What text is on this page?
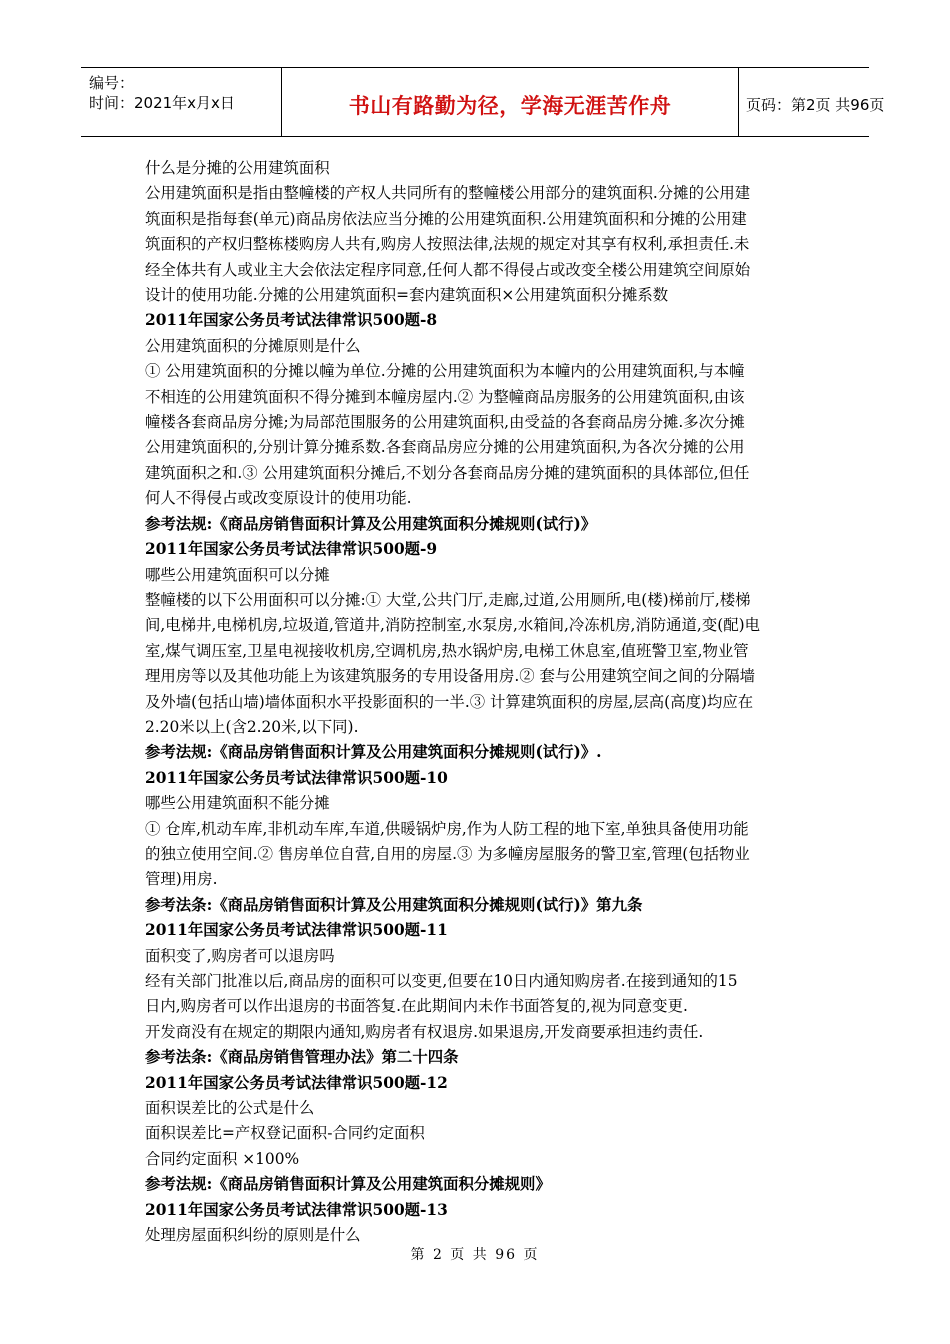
编号：
时间：2021年x月x日	书山有路勤为径，学海无涯苦作舟	页码：第2页 共96页
什么是分摊的公用建筑面积
公用建筑面积是指由整幢楼的产权人共同所有的整幢楼公用部分的建筑面积.分摊的公用建
筑面积是指每套(单元)商品房依法应当分摊的公用建筑面积.公用建筑面积和分摊的公用建
筑面积的产权归整栋楼购房人共有,购房人按照法律,法规的规定对其享有权利,承担责任.未
经全体共有人或业主大会依法定程序同意,任何人都不得侵占或改变全楼公用建筑空间原始
设计的使用功能.分摊的公用建筑面积=套内建筑面积×公用建筑面积分摊系数
2011年国家公务员考试法律常识500题-8
公用建筑面积的分摊原则是什么
① 公用建筑面积的分摊以幢为单位.分摊的公用建筑面积为本幢内的公用建筑面积,与本幢
不相连的公用建筑面积不得分摊到本幢房屋内.② 为整幢商品房服务的公用建筑面积,由该
幢楼各套商品房分摊;为局部范围服务的公用建筑面积,由受益的各套商品房分摊.多次分摊
公用建筑面积的,分别计算分摊系数.各套商品房应分摊的公用建筑面积,为各次分摊的公用
建筑面积之和.③ 公用建筑面积分摊后,不划分各套商品房分摊的建筑面积的具体部位,但任
何人不得侵占或改变原设计的使用功能.
参考法规:《商品房销售面积计算及公用建筑面积分摊规则(试行)》
2011年国家公务员考试法律常识500题-9
哪些公用建筑面积可以分摊
整幢楼的以下公用面积可以分摊:① 大堂,公共门厅,走廊,过道,公用厕所,电(楼)梯前厅,楼梯
间,电梯井,电梯机房,垃圾道,管道井,消防控制室,水泵房,水箱间,冷冻机房,消防通道,变(配)电
室,煤气调压室,卫星电视接收机房,空调机房,热水锅炉房,电梯工休息室,值班警卫室,物业管
理用房等以及其他功能上为该建筑服务的专用设备用房.② 套与公用建筑空间之间的分隔墙
及外墙(包括山墙)墙体面积水平投影面积的一半.③ 计算建筑面积的房屋,层高(高度)均应在
2.20米以上(含2.20米,以下同).
参考法规:《商品房销售面积计算及公用建筑面积分摊规则(试行)》.
2011年国家公务员考试法律常识500题-10
哪些公用建筑面积不能分摊
① 仓库,机动车库,非机动车库,车道,供暖锅炉房,作为人防工程的地下室,单独具备使用功能
的独立使用空间.② 售房单位自营,自用的房屋.③ 为多幢房屋服务的警卫室,管理(包括物业
管理)用房.
参考法条:《商品房销售面积计算及公用建筑面积分摊规则(试行)》第九条
2011年国家公务员考试法律常识500题-11
面积变了,购房者可以退房吗
经有关部门批准以后,商品房的面积可以变更,但要在10日内通知购房者.在接到通知的15
日内,购房者可以作出退房的书面答复.在此期间内未作书面答复的,视为同意变更.
开发商没有在规定的期限内通知,购房者有权退房.如果退房,开发商要承担违约责任.
参考法条:《商品房销售管理办法》第二十四条
2011年国家公务员考试法律常识500题-12
面积误差比的公式是什么
面积误差比=产权登记面积-合同约定面积
合同约定面积 ×100%
参考法规:《商品房销售面积计算及公用建筑面积分摊规则》
2011年国家公务员考试法律常识500题-13
处理房屋面积纠纷的原则是什么
第 2 页 共 96 页
